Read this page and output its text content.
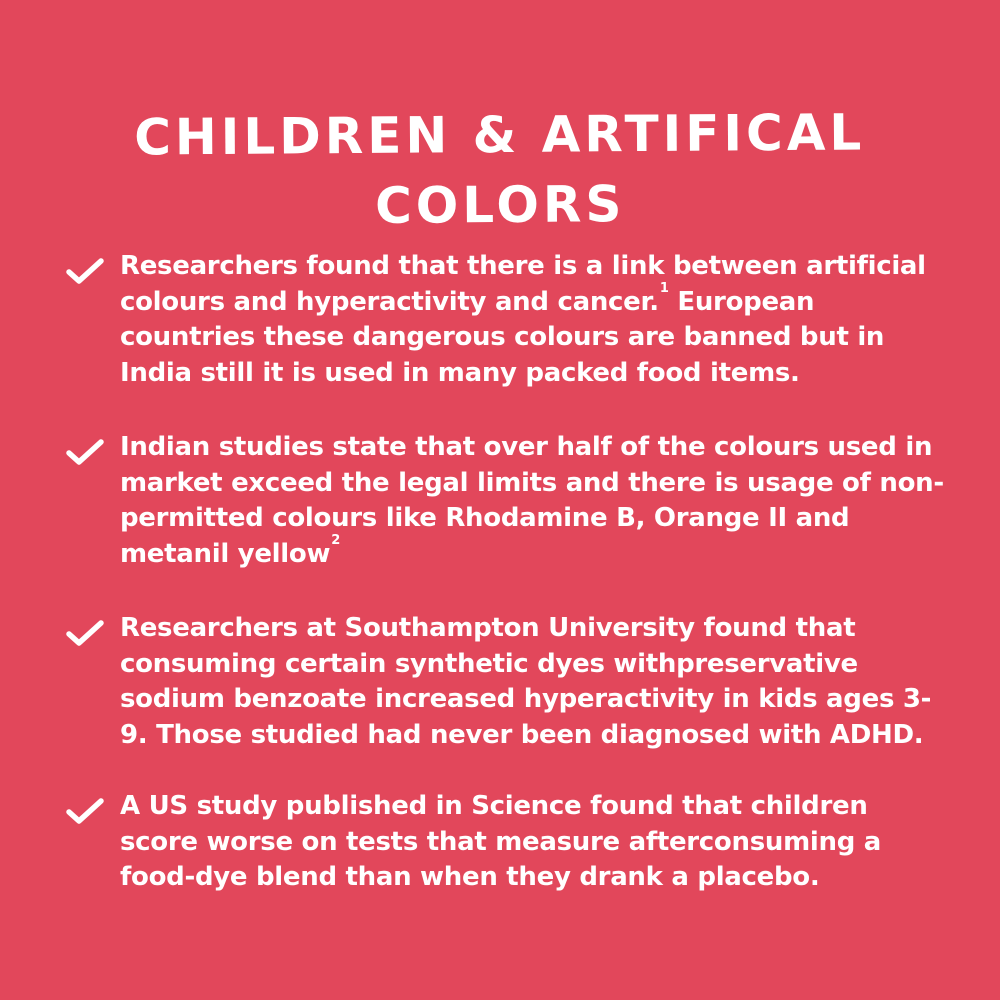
CHILDREN & ARTIFICAL COLORS
Researchers found that there is a link between artificial colours and hyperactivity and cancer.$^1$ European countries these dangerous colours are banned but in India still it is used in many packed food items.
Indian studies state that over half of the colours used in market exceed the legal limits and there is usage of non-permitted colours like Rhodamine B, Orange II and metanil yellow$^2$
Researchers at Southampton University found that consuming certain synthetic dyes withpreservative sodium benzoate increased hyperactivity in kids ages 3-9. Those studied had never been diagnosed with ADHD.
A US study published in Science found that children score worse on tests that measure afterconsuming a food-dye blend than when they drank a placebo.
